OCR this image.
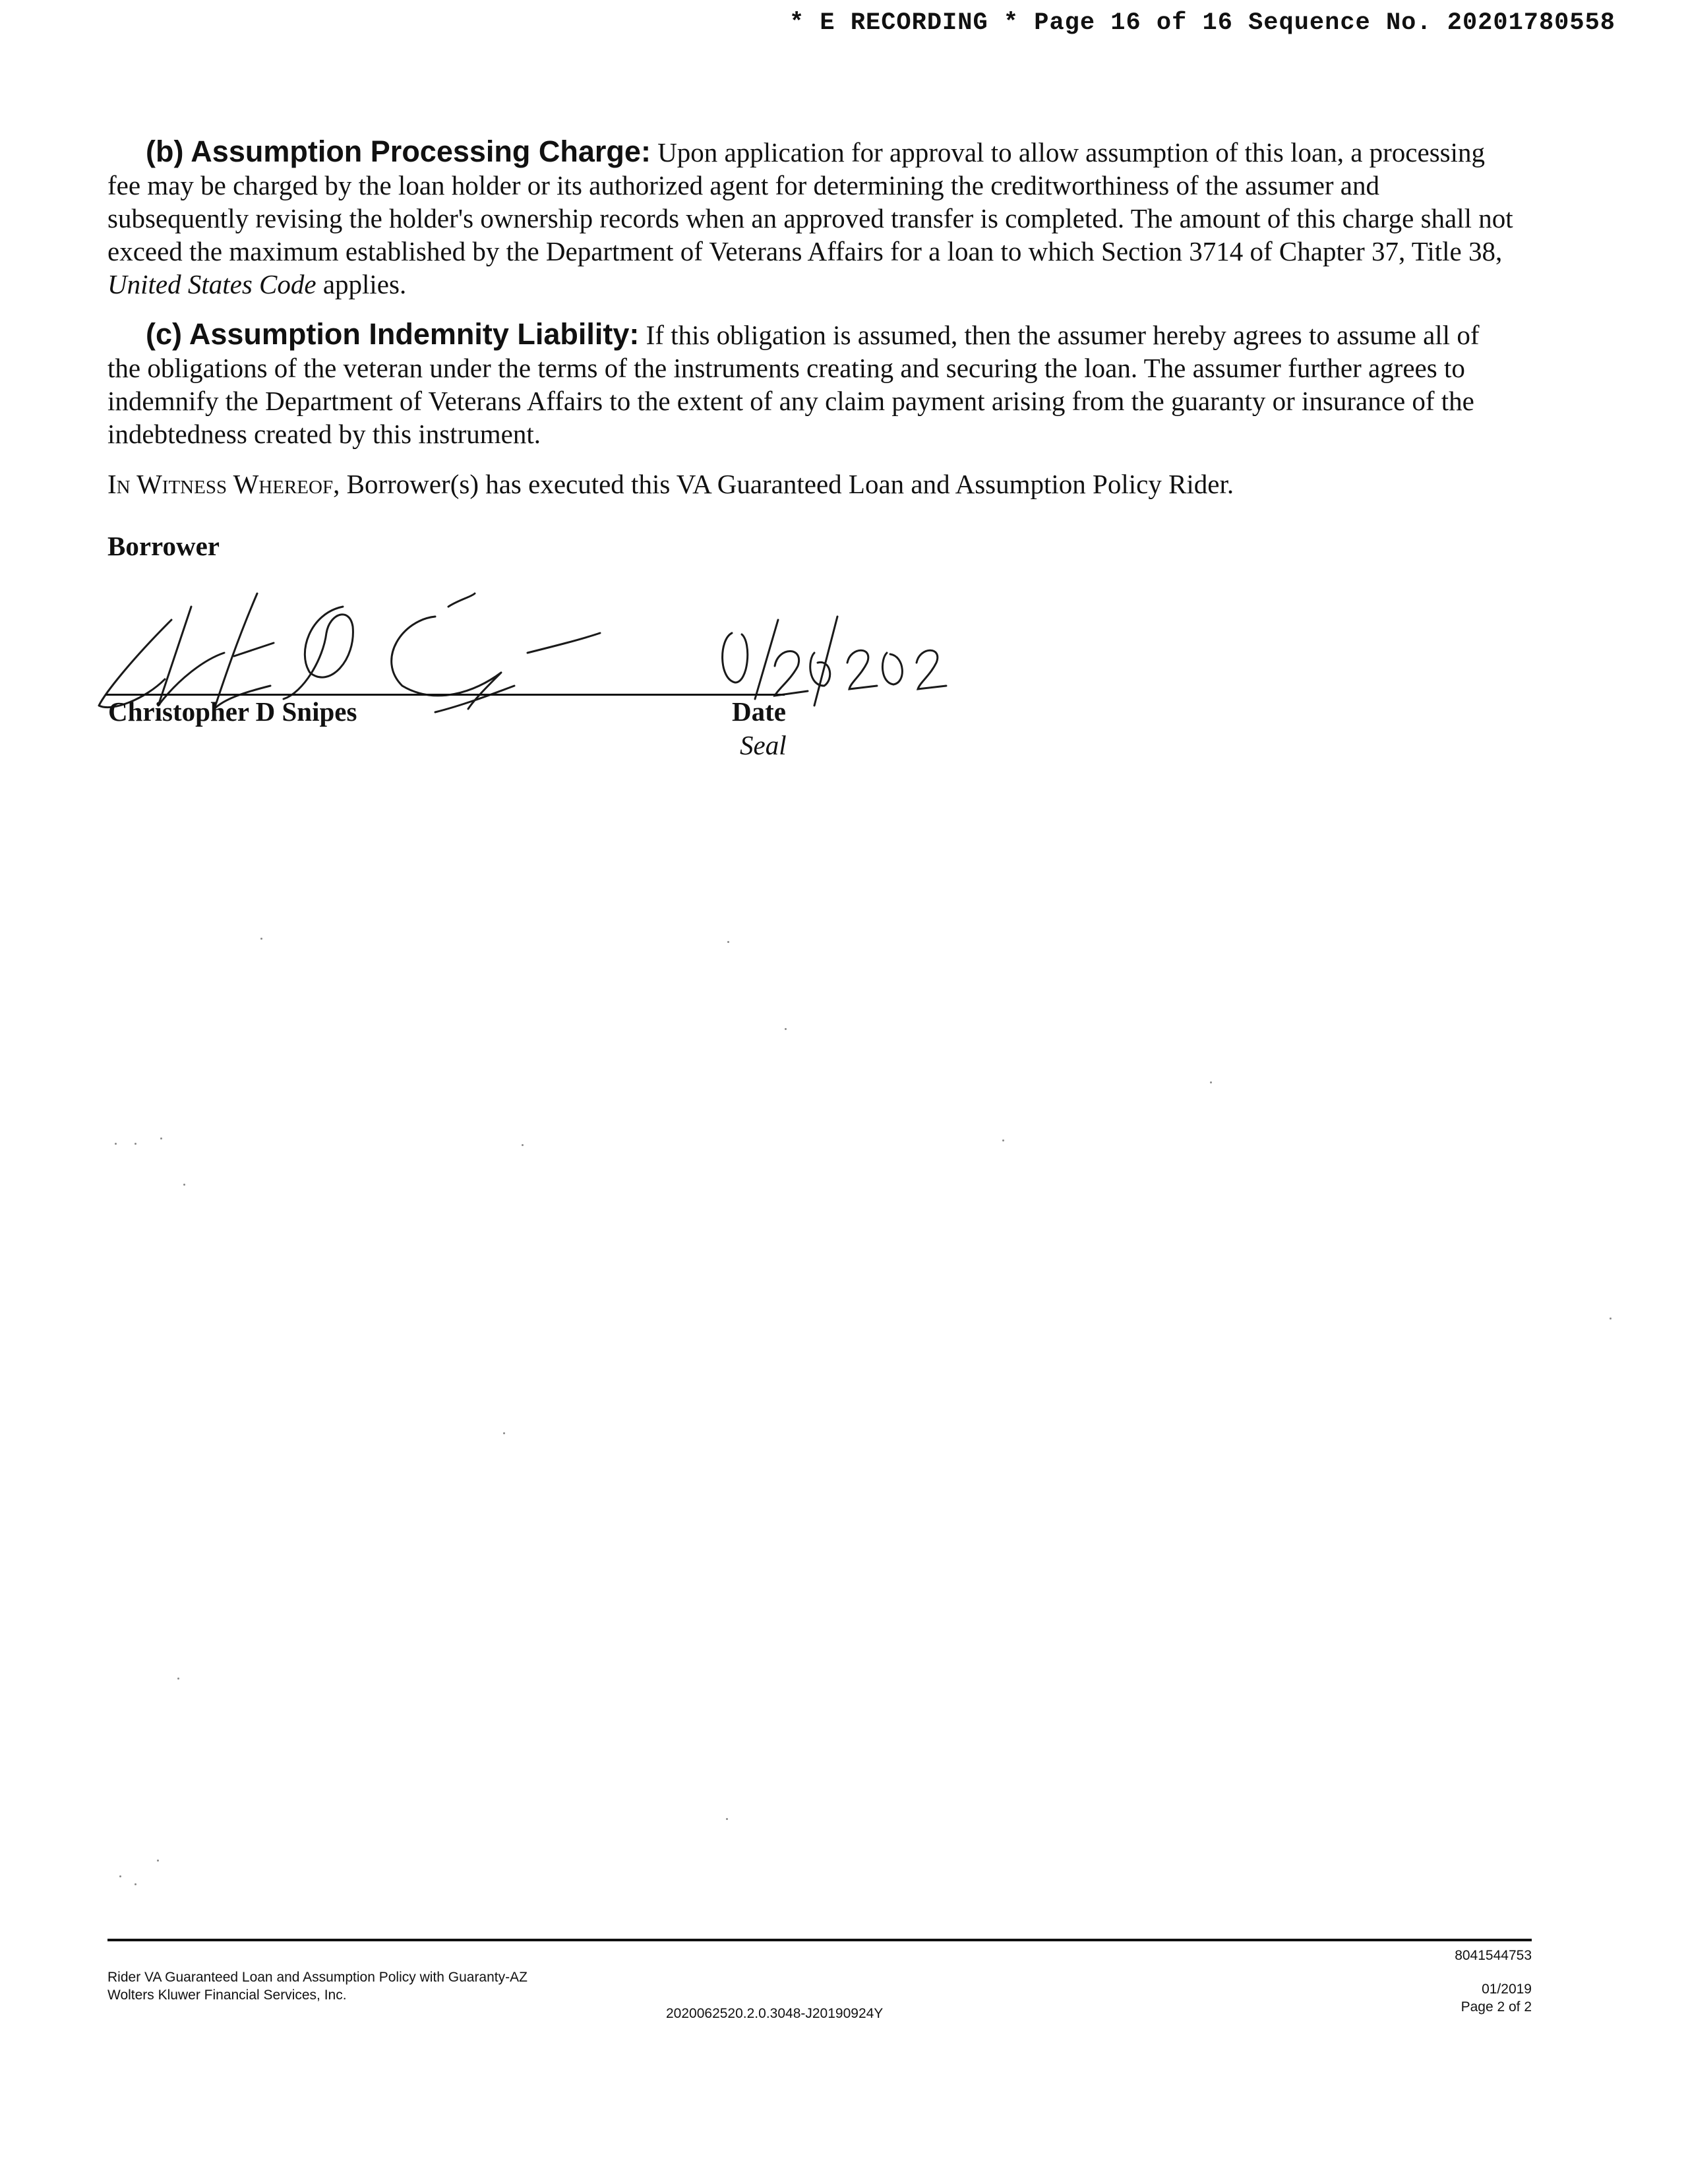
* E RECORDING * Page 16 of 16 Sequence No. 20201780558

(b) Assumption Processing Charge: Upon application for approval to allow assumption of this loan, a processing fee may be charged by the loan holder or its authorized agent for determining the creditworthiness of the assumer and subsequently revising the holder's ownership records when an approved transfer is completed. The amount of this charge shall not exceed the maximum established by the Department of Veterans Affairs for a loan to which Section 3714 of Chapter 37, Title 38, United States Code applies.

(c) Assumption Indemnity Liability: If this obligation is assumed, then the assumer hereby agrees to assume all of the obligations of the veteran under the terms of the instruments creating and securing the loan. The assumer further agrees to indemnify the Department of Veterans Affairs to the extent of any claim payment arising from the guaranty or insurance of the indebtedness created by this instrument.

In Witness Whereof, Borrower(s) has executed this VA Guaranteed Loan and Assumption Policy Rider.

Borrower

Christopher D Snipes	Date
Seal
Rider VA Guaranteed Loan and Assumption Policy with Guaranty-AZ
Wolters Kluwer Financial Services, Inc.
2020062520.2.0.3048-J20190924Y
8041544753
01/2019
Page 2 of 2
